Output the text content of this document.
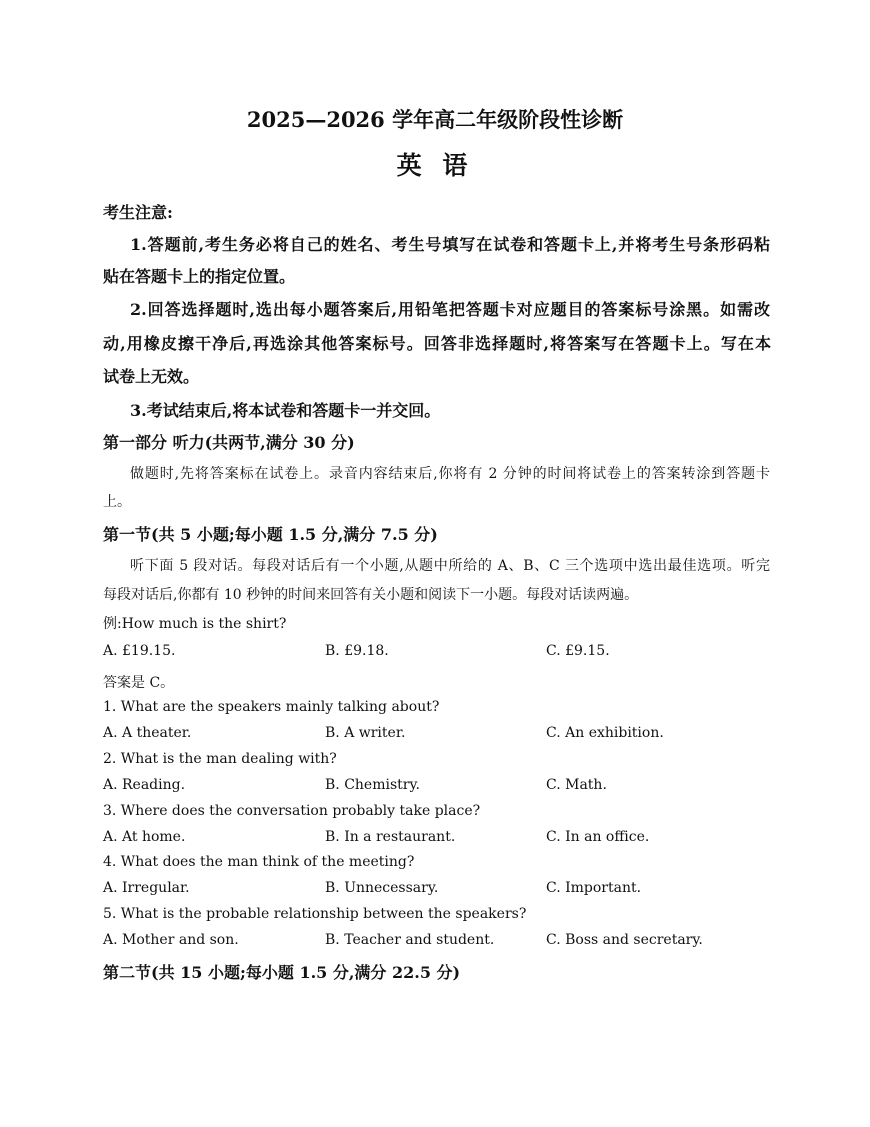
2025—2026 学年高二年级阶段性诊断
英 语
考生注意:
1.答题前,考生务必将自己的姓名、考生号填写在试卷和答题卡上,并将考生号条形码粘
贴在答题卡上的指定位置。
2.回答选择题时,选出每小题答案后,用铅笔把答题卡对应题目的答案标号涂黑。如需改
动,用橡皮擦干净后,再选涂其他答案标号。回答非选择题时,将答案写在答题卡上。写在本
试卷上无效。
3.考试结束后,将本试卷和答题卡一并交回。
第一部分 听力(共两节,满分 30 分)
做题时,先将答案标在试卷上。录音内容结束后,你将有 2 分钟的时间将试卷上的答案转涂到答题卡
上。
第一节(共 5 小题;每小题 1.5 分,满分 7.5 分)
听下面 5 段对话。每段对话后有一个小题,从题中所给的 A、B、C 三个选项中选出最佳选项。听完
每段对话后,你都有 10 秒钟的时间来回答有关小题和阅读下一小题。每段对话读两遍。
例:How much is the shirt?
A. £19.15.	B. £9.18.	C. £9.15.
答案是 C。
1. What are the speakers mainly talking about?
A. A theater.	B. A writer.	C. An exhibition.
2. What is the man dealing with?
A. Reading.	B. Chemistry.	C. Math.
3. Where does the conversation probably take place?
A. At home.	B. In a restaurant.	C. In an office.
4. What does the man think of the meeting?
A. Irregular.	B. Unnecessary.	C. Important.
5. What is the probable relationship between the speakers?
A. Mother and son.	B. Teacher and student.	C. Boss and secretary.
第二节(共 15 小题;每小题 1.5 分,满分 22.5 分)
